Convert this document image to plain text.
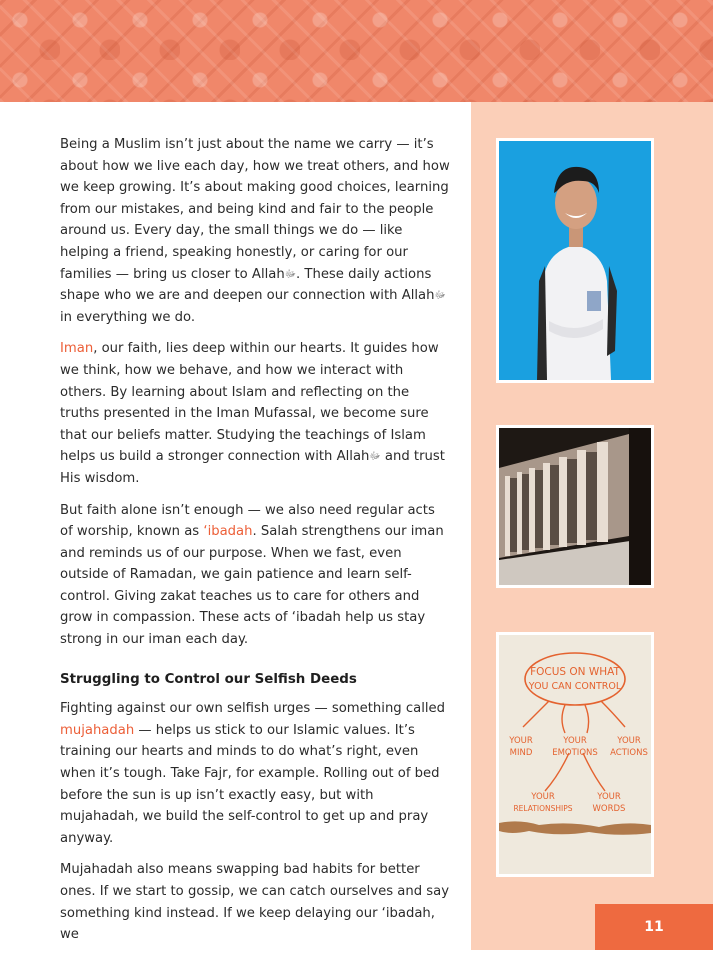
Being a Muslim isn’t just about the name we carry — it’s about how we live each day, how we treat others, and how we keep growing. It’s about making good choices, learning from our mistakes, and being kind and fair to the people around us. Every day, the small things we do — like helping a friend, speaking honestly, or caring for our families — bring us closer to Allahﷻ. These daily actions shape who we are and deepen our connection with Allahﷻ in everything we do.

Iman, our faith, lies deep within our hearts. It guides how we think, how we behave, and how we interact with others. By learning about Islam and reflecting on the truths presented in the Iman Mufassal, we become sure that our beliefs matter. Studying the teachings of Islam helps us build a stronger connection with Allahﷻ and trust His wisdom.

But faith alone isn’t enough — we also need regular acts of worship, known as ‘ibadah. Salah strengthens our iman and reminds us of our purpose. When we fast, even outside of Ramadan, we gain patience and learn self-control. Giving zakat teaches us to care for others and grow in compassion. These acts of ‘ibadah help us stay strong in our iman each day.

Struggling to Control our Selfish Deeds

Fighting against our own selfish urges — something called mujahadah — helps us stick to our Islamic values. It’s training our hearts and minds to do what’s right, even when it’s tough. Take Fajr, for example. Rolling out of bed before the sun is up isn’t exactly easy, but with mujahadah, we build the self-control to get up and pray anyway.

Mujahadah also means swapping bad habits for better ones. If we start to gossip, we can catch ourselves and say something kind instead. If we keep delaying our ‘ibadah, we

FOCUS ON WHAT
YOU CAN CONTROL
YOUR
MIND
YOUR
EMOTIONS
YOUR
ACTIONS
YOUR
RELATIONSHIPS
YOUR
WORDS
11
